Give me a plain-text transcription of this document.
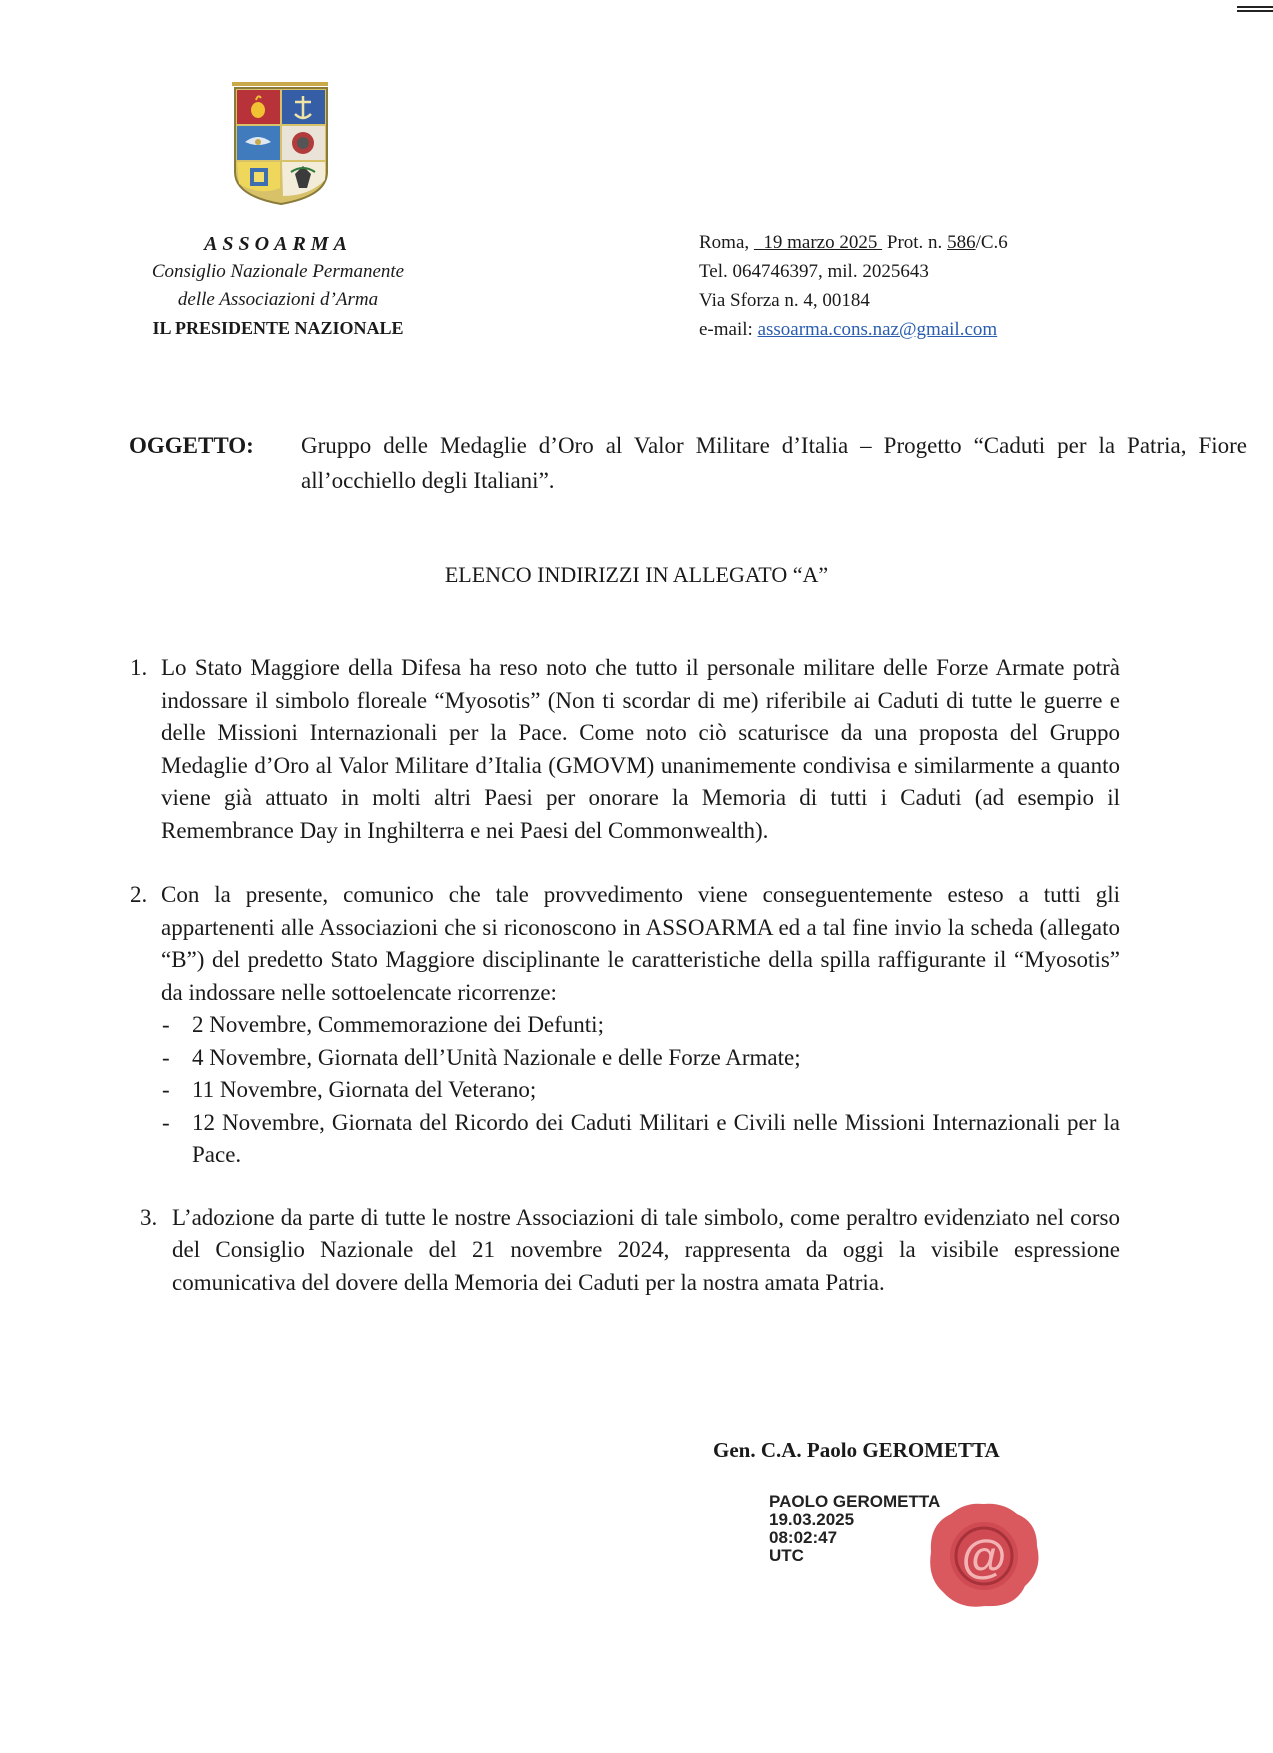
ASSOARMA
Consiglio Nazionale Permanente
delle Associazioni d’Arma
IL PRESIDENTE NAZIONALE
Roma, 19 marzo 2025 Prot. n. 586/C.6
Tel. 064746397, mil. 2025643
Via Sforza n. 4, 00184
e-mail: assoarma.cons.naz@gmail.com
OGGETTO: Gruppo delle Medaglie d’Oro al Valor Militare d’Italia – Progetto “Caduti per la Patria, Fiore all’occhiello degli Italiani”.
ELENCO INDIRIZZI IN ALLEGATO “A”
1. Lo Stato Maggiore della Difesa ha reso noto che tutto il personale militare delle Forze Armate potrà indossare il simbolo floreale “Myosotis” (Non ti scordar di me) riferibile ai Caduti di tutte le guerre e delle Missioni Internazionali per la Pace. Come noto ciò scaturisce da una proposta del Gruppo Medaglie d’Oro al Valor Militare d’Italia (GMOVM) unanimemente condivisa e similarmente a quanto viene già attuato in molti altri Paesi per onorare la Memoria di tutti i Caduti (ad esempio il Remembrance Day in Inghilterra e nei Paesi del Commonwealth).
2. Con la presente, comunico che tale provvedimento viene conseguentemente esteso a tutti gli appartenenti alle Associazioni che si riconoscono in ASSOARMA ed a tal fine invio la scheda (allegato “B”) del predetto Stato Maggiore disciplinante le caratteristiche della spilla raffigurante il “Myosotis” da indossare nelle sottoelencate ricorrenze:
- 2 Novembre, Commemorazione dei Defunti;
- 4 Novembre, Giornata dell’Unità Nazionale e delle Forze Armate;
- 11 Novembre, Giornata del Veterano;
- 12 Novembre, Giornata del Ricordo dei Caduti Militari e Civili nelle Missioni Internazionali per la Pace.
3. L’adozione da parte di tutte le nostre Associazioni di tale simbolo, come peraltro evidenziato nel corso del Consiglio Nazionale del 21 novembre 2024, rappresenta da oggi la visibile espressione comunicativa del dovere della Memoria dei Caduti per la nostra amata Patria.
Gen. C.A. Paolo GEROMETTA
PAOLO GEROMETTA
19.03.2025
08:02:47
UTC	@
